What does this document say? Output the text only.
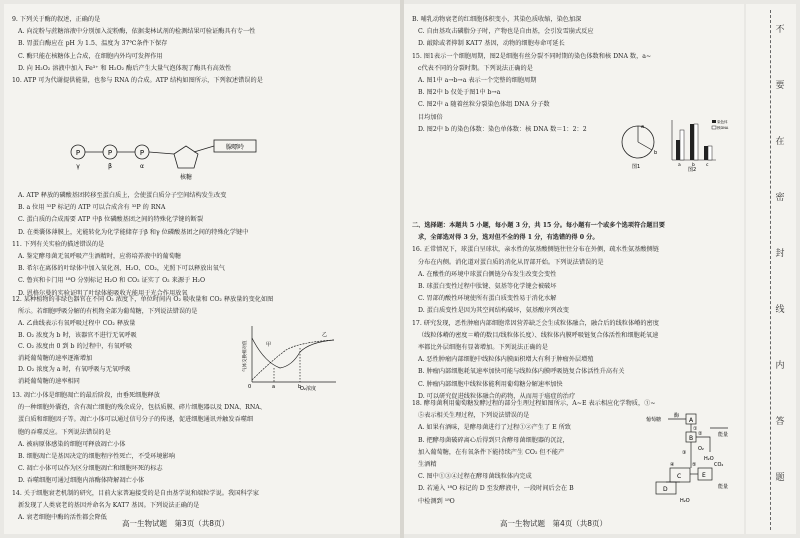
9. 下列关于酶的叙述，正确的是
A. 向淀粉与蔗糖溶液中分别加入淀粉酶，依据斐林试剂的检测结果可验证酶具有专一性
B. 胃蛋白酶应在 pH 为 1.5、温度为 37℃条件下保存
C. 酶只能在核糖体上合成，在细胞内外均可发挥作用
D. 向 H₂O₂ 溶液中加入 Fe³⁺ 和 H₂O₂ 酶后产生大量气泡体现了酶具有高效性
10. ATP 可为代谢提供能量，也参与 RNA 的合成。ATP 结构如图所示，下列叙述错误的是
A. ATP 释放的磷酸基团转移至蛋白质上，会使蛋白质分子空间结构发生改变
B. a 位用 ³²P 标记的 ATP 可以合成含有 ³²P 的 RNA
C. 蛋白质的合成需要 ATP 中β 位磷酸基团之间的特殊化学键的断裂
D. 在类囊体薄膜上，光能转化为化学能储存于β 和γ 位磷酸基团之间的特殊化学键中
11. 下列有关实验的描述错误的是
A. 鉴定酵母菌无氧呼吸产生酒精时，应将培养液中的葡萄糖
B. 希尔在离体的叶绿体中加入氧化剂、H₂O、CO₂，光照下可以释放出氧气
C. 鲁宾和卡门用 ¹⁸O 分别标记 H₂O 和 CO₂ 证实了 O₂ 来源于 H₂O
D. 恩格尔曼的实验证明了叶绿体能吸收光能用于光合作用放氧
12. 某种植物的非绿色器官在不同 O₂ 浓度下，单位时间内 O₂ 吸收量和 CO₂ 释放量的变化如图
所示。若细胞呼吸分解的有机物全部为葡萄糖，下列说法错误的是
A. 乙曲线表示有氧呼吸过程中 CO₂ 释放量
B. O₂ 浓度为 b 时，该器官不进行无氧呼吸
C. O₂ 浓度由 0 到 b 的过程中，有氧呼吸
消耗葡萄糖的速率逐渐增加
D. O₂ 浓度为 a 时，有氧呼吸与无氧呼吸
消耗葡萄糖的速率相同
13. 凋亡小体是细胞凋亡的最后阶段，由垂死细胞释放
的一种细胞外囊泡，含有凋亡细胞的残余成分，包括质膜、碎片细胞器以及 DNA、RNA、
蛋白质和细胞因子等。凋亡小体可以通过信号分子的传递，促进细胞通讯并触发吞噬细
胞的吞噬反应。下列说法错误的是
A. 被病原体感染的细胞可释放凋亡小体
B. 细胞凋亡是基因决定的细胞程序性死亡，不受环境影响
C. 凋亡小体可以作为区分细胞凋亡和细胞坏死的标志
D. 吞噬细胞可通过细胞内溶酶体降解凋亡小体
14. 关于细胞衰老机制的研究，目前大家普遍接受的是自由基学说和端粒学说。我国科学家
新发现了人类衰老的基因并命名为 KAT7 基因。下列说法正确的是
A. 衰老细胞中酶的活性都会降低
P	P	P
γ	β	α
腺嘌呤
核糖
气体交换相对值
O₂浓度
甲
乙
0	a	b
高一生物试题　第3页（共8页）
B. 哺乳动物衰老的红细胞体积变小，其染色质收缩，染色加深
C. 自由基攻击磷脂分子时，产物也是自由基，会引发雪崩式反应
D. 敲除或者抑制 KAT7 基因，动物的细胞寿命可延长
15. 图1表示一个细胞周期，图2是细胞有丝分裂不同时期的染色体数和核 DNA 数，a~
c代表不同的分裂时期。下列说法正确的是
A. 图1中 a→b→a 表示一个完整的细胞周期
B. 图2中 b 仅处于图1中 b→a
C. 图2中 a 随着丝粒分裂染色体组 DNA 分子数
目均加倍
D. 图2中 b 的染色体数：染色单体数：核 DNA 数＝1：2：2
二、选择题：本题共 5 小题，每小题 3 分，共 15 分。每小题有一个或多个选项符合题目要
求，全部选对得 3 分，选对但不全的得 1 分，有选错的得 0 分。
16. 正常情况下，球蛋白呈球状，亲水性的氨基酸侧链往往分布在外侧，疏水性氨基酸侧链
分布在内侧。消化道对蛋白质的消化从胃部开始。下列说法错误的是
A. 在酸性的环境中球蛋白侧链分布发生改变会变性
B. 球蛋白变性过程中肽键、氨基等化学键会被破坏
C. 胃部的酸性环境使所有蛋白质变性易于消化水解
D. 蛋白质变性是因为其空间结构破坏，氨基酸序列改变
17. 研究发现，恶性肿瘤内部细胞常因营养缺乏会生成粒体融合，融合后的线粒体嵴的密度
（线粒体嵴的密度＝嵴的数目/线粒体长度）、线粒体内膜呼吸链复合体活性和细胞耗氧速
率都比外层细胞有显著增加。下列说法正确的是
A. 恶性肿瘤内部细胞中线粒体内膜面积增大有利于肿瘤外层增殖
B. 肿瘤内部细胞耗氧速率加快可能与线粒体内膜呼吸链复合体活性升高有关
C. 肿瘤内部细胞中线粒体能利用葡萄糖分解速率加快
D. 可以研究促进线粒体融合的药物，从而用于癌症的治疗
18. 酵母菌利用葡萄糖发酵过程的部分生理过程如图所示，A~E 表示相应化学物质，①~
⑤表示相关生理过程，下列说法错误的是
A. 如果有酒味，是酵母菌进行了过程①②产生了 E 所致
B. 把酵母菌破碎离心后得到只含酵母菌细胞器的沉淀，
加入葡萄糖，在有氧条件下能持续产生 CO₂ 但不能产
生酒精
C. 图中①③④过程在酵母菌线粒体内完成
D. 若通入 ¹⁸O 标记的 D 至发酵液中，一段时间后会在 B
中检测到 ¹⁸O
a
b
图1
染色体
核DNA
a b c
图2
葡萄糖
酶
A
B
C
D
E
H₂O
H₂O
能量
能量
O₂
CO₂
①
②
③
④	⑤
高一生物试题　第4页（共8页）
不
要
在
密
封
线
内
答
题
